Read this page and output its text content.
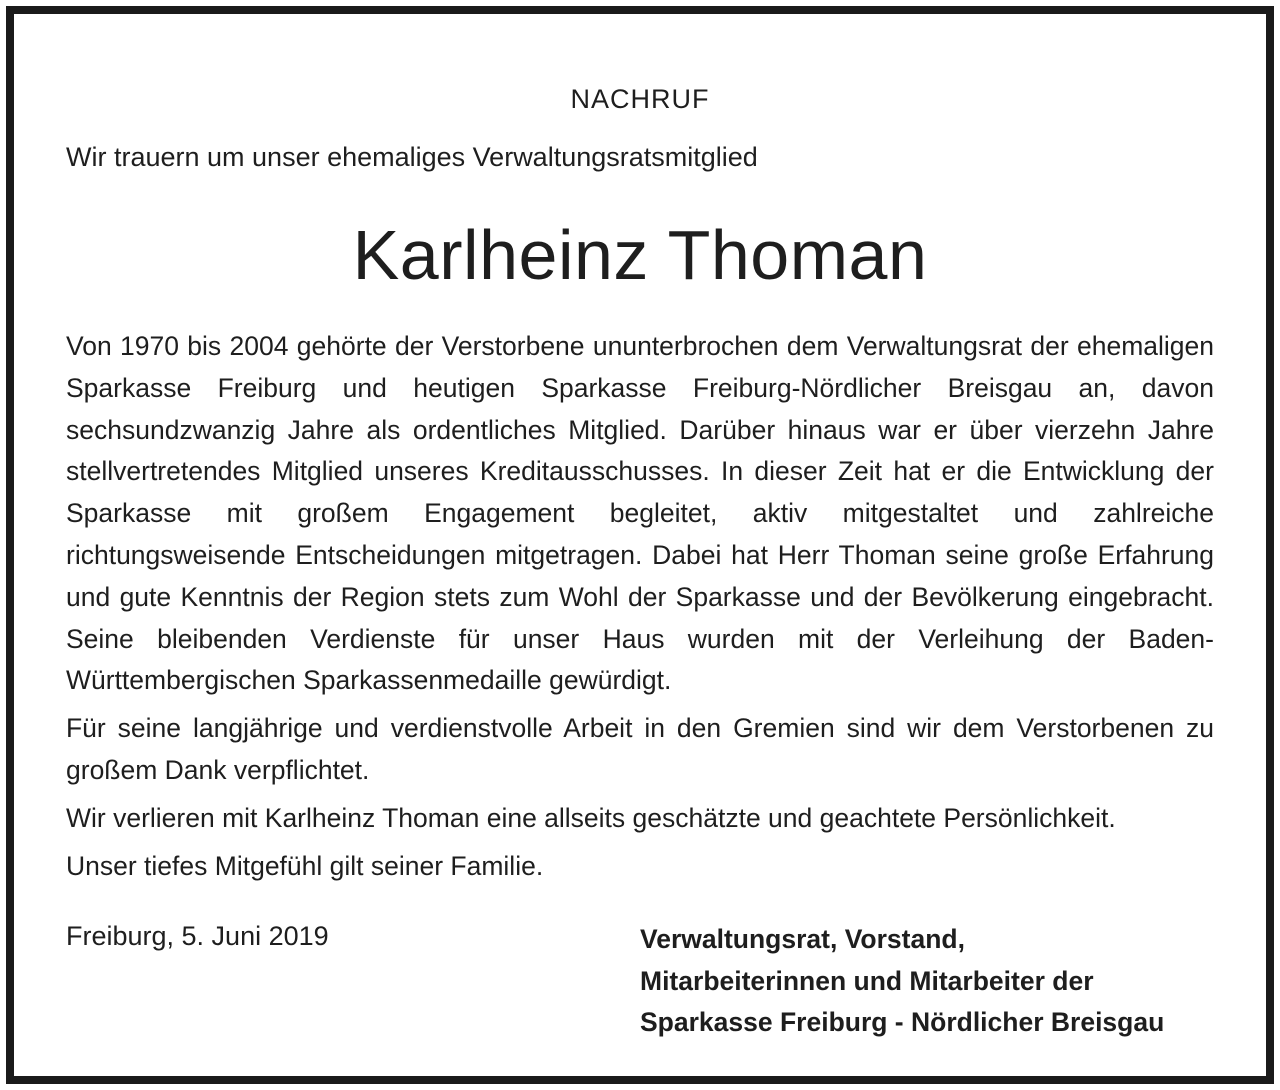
NACHRUF
Wir trauern um unser ehemaliges Verwaltungsratsmitglied
Karlheinz Thoman

Von 1970 bis 2004 gehörte der Verstorbene ununterbrochen dem Verwaltungsrat der ehemaligen Sparkasse Freiburg und heutigen Sparkasse Freiburg-Nördlicher Breisgau an, davon sechsundzwanzig Jahre als ordentliches Mitglied. Darüber hinaus war er über vierzehn Jahre stellvertretendes Mitglied unseres Kreditausschusses. In dieser Zeit hat er die Entwicklung der Sparkasse mit großem Engagement begleitet, aktiv mitgestaltet und zahlreiche richtungsweisende Entscheidungen mitgetragen. Dabei hat Herr Thoman seine große Erfahrung und gute Kenntnis der Region stets zum Wohl der Sparkasse und der Bevölkerung eingebracht. Seine bleibenden Verdienste für unser Haus wurden mit der Verleihung der Baden-Württembergischen Sparkassenmedaille gewürdigt.

Für seine langjährige und verdienstvolle Arbeit in den Gremien sind wir dem Verstorbenen zu großem Dank verpflichtet.

Wir verlieren mit Karlheinz Thoman eine allseits geschätzte und geachtete Persönlichkeit.

Unser tiefes Mitgefühl gilt seiner Familie.

Freiburg, 5. Juni 2019	Verwaltungsrat, Vorstand,
Mitarbeiterinnen und Mitarbeiter der
Sparkasse Freiburg - Nördlicher Breisgau
